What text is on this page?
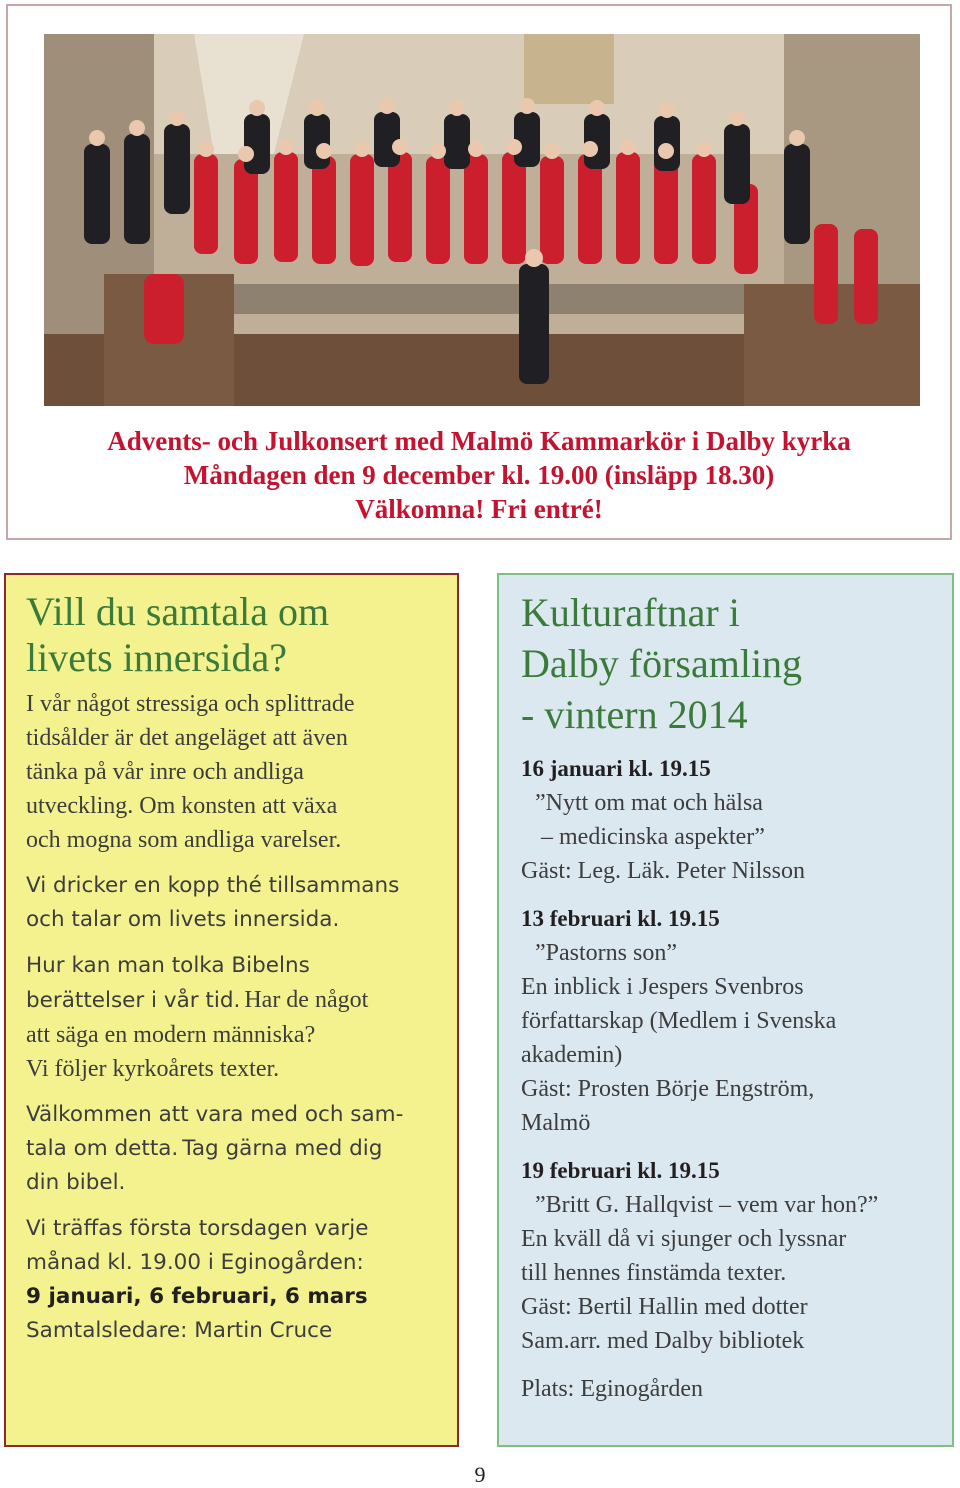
Advents- och Julkonsert med Malmö Kammarkör i Dalby kyrka
Måndagen den 9 december kl. 19.00 (insläpp 18.30)
Välkomna! Fri entré!
Vill du samtala om
livets innersida?
I vår något stressiga och splittrade
tidsålder är det angeläget att även
tänka på vår inre och andliga
utveckling. Om konsten att växa
och mogna som andliga varelser.
Vi dricker en kopp thé tillsammans
och talar om livets innersida.
Hur kan man tolka Bibelns
berättelser i vår tid. Har de något
att säga en modern människa?
Vi följer kyrkoårets texter.
Välkommen att vara med och sam-
tala om detta. Tag gärna med dig
din bibel.
Vi träffas första torsdagen varje
månad kl. 19.00 i Eginogården:
9 januari, 6 februari, 6 mars
Samtalsledare: Martin Cruce
Kulturaftnar i
Dalby församling
- vintern 2014
16 januari kl. 19.15
”Nytt om mat och hälsa
– medicinska aspekter”
Gäst: Leg. Läk. Peter Nilsson
13 februari kl. 19.15
”Pastorns son”
En inblick i Jespers Svenbros
författarskap (Medlem i Svenska
akademin)
Gäst: Prosten Börje Engström,
Malmö
19 februari kl. 19.15
”Britt G. Hallqvist – vem var hon?”
En kväll då vi sjunger och lyssnar
till hennes finstämda texter.
Gäst: Bertil Hallin med dotter
Sam.arr. med Dalby bibliotek
Plats: Eginogården
9
